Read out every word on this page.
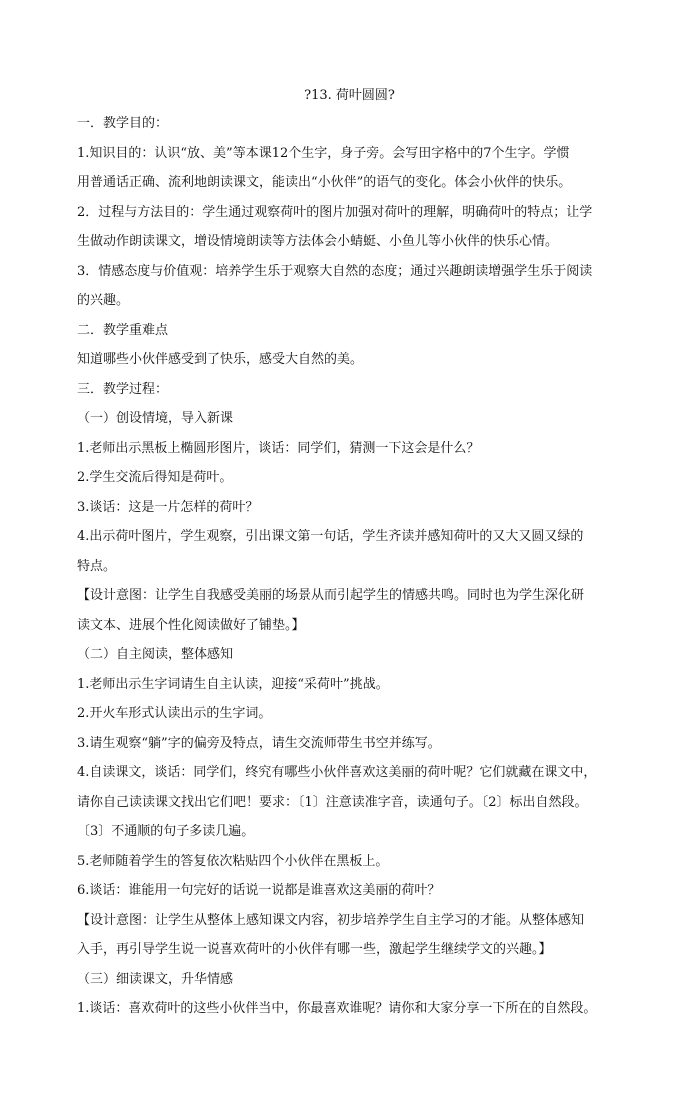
?13. 荷叶圆圆?
一．教学目的：
1.知识目的：认识“放、美”等本课12个生字，身子旁。会写田字格中的7个生字。学惯
用普通话正确、流利地朗读课文，能读出“小伙伴”的语气的变化。体会小伙伴的快乐。
2．过程与方法目的：学生通过观察荷叶的图片加强对荷叶的理解，明确荷叶的特点；让学
生做动作朗读课文，增设情境朗读等方法体会小蜻蜓、小鱼儿等小伙伴的快乐心情。
3．情感态度与价值观：培养学生乐于观察大自然的态度；通过兴趣朗读增强学生乐于阅读
的兴趣。
二．教学重难点
知道哪些小伙伴感受到了快乐，感受大自然的美。
三．教学过程：
（一）创设情境，导入新课
1.老师出示黑板上椭圆形图片，谈话：同学们，猜测一下这会是什么？
2.学生交流后得知是荷叶。
3.谈话：这是一片怎样的荷叶？
4.出示荷叶图片，学生观察，引出课文第一句话，学生齐读并感知荷叶的又大又圆又绿的
特点。
【设计意图：让学生自我感受美丽的场景从而引起学生的情感共鸣。同时也为学生深化研
读文本、进展个性化阅读做好了铺垫。】
（二）自主阅读，整体感知
1.老师出示生字词请生自主认读，迎接“采荷叶”挑战。
2.开火车形式认读出示的生字词。
3.请生观察“躺”字的偏旁及特点，请生交流师带生书空并练写。
4.自读课文，谈话：同学们，终究有哪些小伙伴喜欢这美丽的荷叶呢？它们就藏在课文中，
请你自己读读课文找出它们吧！要求：〔1〕注意读准字音，读通句子。〔2〕标出自然段。
〔3〕不通顺的句子多读几遍。
5.老师随着学生的答复依次粘贴四个小伙伴在黑板上。
6.谈话：谁能用一句完好的话说一说都是谁喜欢这美丽的荷叶？
【设计意图：让学生从整体上感知课文内容，初步培养学生自主学习的才能。从整体感知
入手，再引导学生说一说喜欢荷叶的小伙伴有哪一些，激起学生继续学文的兴趣。】
（三）细读课文，升华情感
1.谈话：喜欢荷叶的这些小伙伴当中，你最喜欢谁呢？请你和大家分享一下所在的自然段。
